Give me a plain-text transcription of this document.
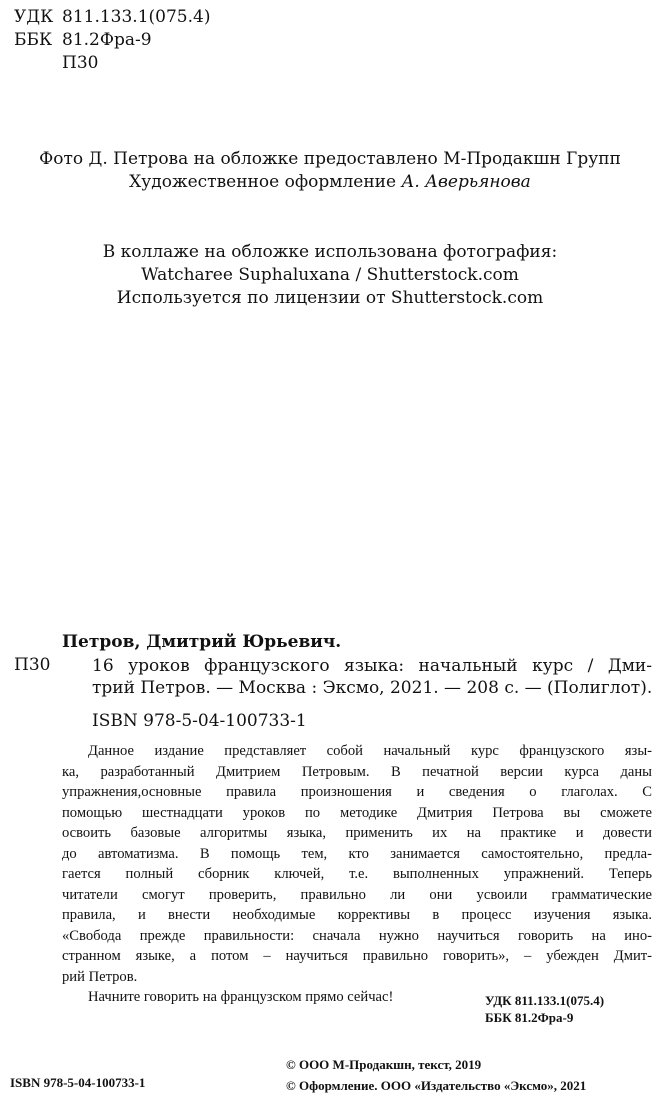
УДК 811.133.1(075.4)
ББК 81.2Фра-9
П30

Фото Д. Петрова на обложке предоставлено М-Продакшн Групп

Художественное оформление А. Аверьянова

В коллаже на обложке использована фотография:

Watcharee Suphaluxana / Shutterstock.com

Используется по лицензии от Shutterstock.com

Петров, Дмитрий Юрьевич.
П30 16 уроков французского языка: начальный курс / Дми-
трий Петров. — Москва : Эксмо, 2021. — 208 с. — (Полиглот).
ISBN 978-5-04-100733-1
Данное издание представляет собой начальный курс французского язы-
ка, разработанный Дмитрием Петровым. В печатной версии курса даны
упражнения,основные правила произношения и сведения о глаголах. С
помощью шестнадцати уроков по методике Дмитрия Петрова вы сможете
освоить базовые алгоритмы языка, применить их на практике и довести
до автоматизма. В помощь тем, кто занимается самостоятельно, предла-
гается полный сборник ключей, т.е. выполненных упражнений. Теперь
читатели смогут проверить, правильно ли они усвоили грамматические
правила, и внести необходимые коррективы в процесс изучения языка.
«Свобода прежде правильности: сначала нужно научиться говорить на ино-
странном языке, а потом – научиться правильно говорить», – убежден Дмит-
рий Петров.
Начните говорить на французском прямо сейчас!	УДК 811.133.1(075.4)
ББК 81.2Фра-9
© ООО М-Продакшн, текст, 2019
© Оформление. ООО «Издательство «Эксмо», 2021
ISBN 978-5-04-100733-1
